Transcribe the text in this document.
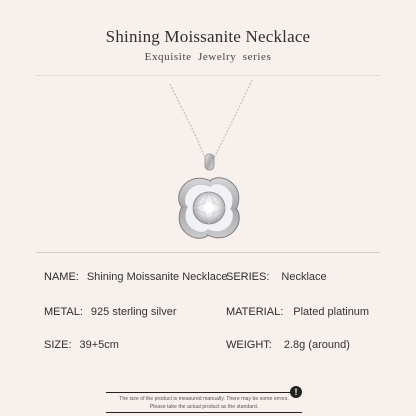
Shining Moissanite Necklace
Exquisite Jewelry series
NAME: Shining Moissanite Necklace
SERIES: Necklace
METAL: 925 sterling silver	MATERIAL: Plated platinum
SIZE: 39+5cm	WEIGHT: 2.8g (around)
The size of the product is measured manually. There may be some errors.
Please take the actual product as the standard.
!
